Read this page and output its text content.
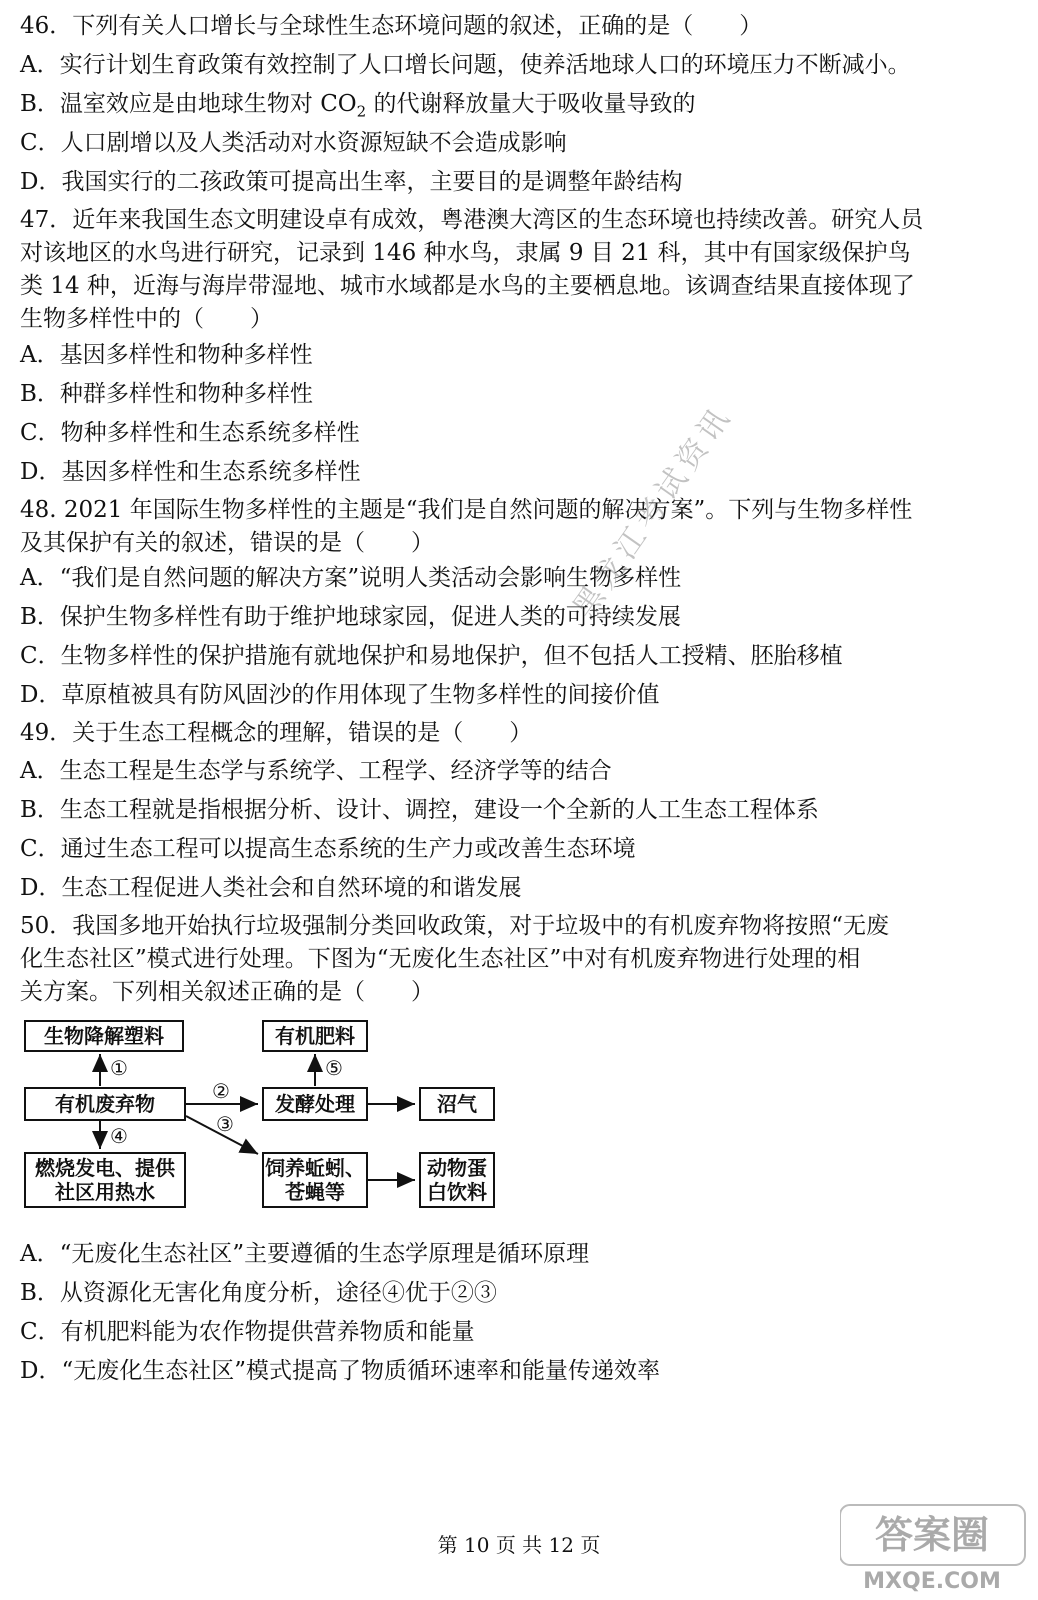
46．下列有关人口增长与全球性生态环境问题的叙述，正确的是（　　）
A．实行计划生育政策有效控制了人口增长问题，使养活地球人口的环境压力不断减小。
B．温室效应是由地球生物对 $CO_2$ 的代谢释放量大于吸收量导致的
C．人口剧增以及人类活动对水资源短缺不会造成影响
D．我国实行的二孩政策可提高出生率，主要目的是调整年龄结构
47．近年来我国生态文明建设卓有成效，粤港澳大湾区的生态环境也持续改善。研究人员
对该地区的水鸟进行研究，记录到 146 种水鸟，隶属 9 目 21 科，其中有国家级保护鸟
类 14 种，近海与海岸带湿地、城市水域都是水鸟的主要栖息地。该调查结果直接体现了
生物多样性中的（　　）
A．基因多样性和物种多样性
B．种群多样性和物种多样性
C．物种多样性和生态系统多样性
D．基因多样性和生态系统多样性
48. 2021 年国际生物多样性的主题是“我们是自然问题的解决方案”。下列与生物多样性
及其保护有关的叙述，错误的是（　　）
A．“我们是自然问题的解决方案”说明人类活动会影响生物多样性
B．保护生物多样性有助于维护地球家园，促进人类的可持续发展
C．生物多样性的保护措施有就地保护和易地保护，但不包括人工授精、胚胎移植
D．草原植被具有防风固沙的作用体现了生物多样性的间接价值
49．关于生态工程概念的理解，错误的是（　　）
A．生态工程是生态学与系统学、工程学、经济学等的结合
B．生态工程就是指根据分析、设计、调控，建设一个全新的人工生态工程体系
C．通过生态工程可以提高生态系统的生产力或改善生态环境
D．生态工程促进人类社会和自然环境的和谐发展
50．我国多地开始执行垃圾强制分类回收政策，对于垃圾中的有机废弃物将按照“无废
化生态社区”模式进行处理。下图为“无废化生态社区”中对有机废弃物进行处理的相
关方案。下列相关叙述正确的是（　　）
生物降解塑料	有机肥料
有机废弃物	发酵处理	沼气
燃烧发电、提供
社区用热水
饲养蚯蚓、
苍蝇等
动物蛋
白饮料
①
②
③
④
⑤
A．“无废化生态社区”主要遵循的生态学原理是循环原理
B．从资源化无害化角度分析，途径④优于②③
C．有机肥料能为农作物提供营养物质和能量
D．“无废化生态社区”模式提高了物质循环速率和能量传递效率
黑龙江考试资讯
第 10 页 共 12 页	答案圈
MXQE.COM
